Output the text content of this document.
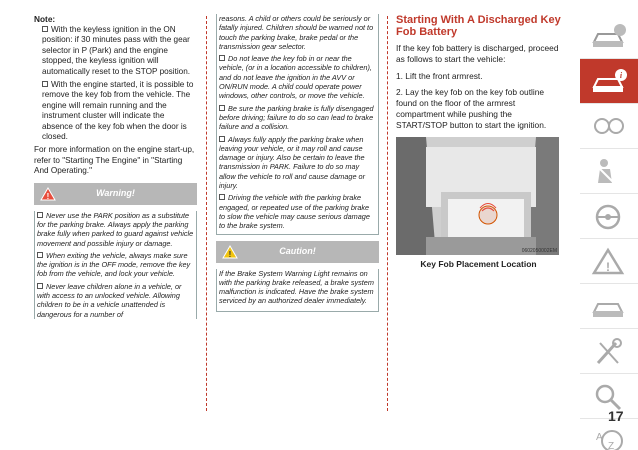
Note:

With the keyless ignition in the ON position: if 30 minutes pass with the gear selector in P (Park) and the engine stopped, the keyless ignition will automatically reset to the STOP position.

With the engine started, it is possible to remove the key fob from the vehicle. The engine will remain running and the instrument cluster will indicate the absence of the key fob when the door is closed.

For more information on the engine start-up, refer to "Starting The Engine" in "Starting And Operating."

!	Warning!

Never use the PARK position as a substitute for the parking brake. Always apply the parking brake fully when parked to guard against vehicle movement and possible injury or damage.

When exiting the vehicle, always make sure the ignition is in the OFF mode, remove the key fob from the vehicle, and lock your vehicle.

Never leave children alone in a vehicle, or with access to an unlocked vehicle. Allowing children to be in a vehicle unattended is dangerous for a number of

reasons. A child or others could be seriously or fatally injured. Children should be warned not to touch the parking brake, brake pedal or the transmission gear selector.

Do not leave the key fob in or near the vehicle, (or in a location accessible to children), and do not leave the ignition in the AVV or ON/RUN mode. A child could operate power windows, other controls, or move the vehicle.

Be sure the parking brake is fully disengaged before driving; failure to do so can lead to brake failure and a collision.

Always fully apply the parking brake when leaving your vehicle, or it may roll and cause damage or injury. Also be certain to leave the transmission in PARK. Failure to do so may allow the vehicle to roll and cause damage or injury.

Driving the vehicle with the parking brake engaged, or repeated use of the parking brake to slow the vehicle may cause serious damage to the brake system.

!	Caution!

If the Brake System Warning Light remains on with the parking brake released, a brake system malfunction is indicated. Have the brake system serviced by an authorized dealer immediately.

Starting With A Discharged Key Fob Battery

If the key fob battery is discharged, proceed as follows to start the vehicle:

1. Lift the front armrest.

2. Lay the key fob on the key fob outline found on the floor of the armrest compartment while pushing the START/STOP button to start the ignition.

0602050002EM
Key Fob Placement Location
i
!
A
Z
17
